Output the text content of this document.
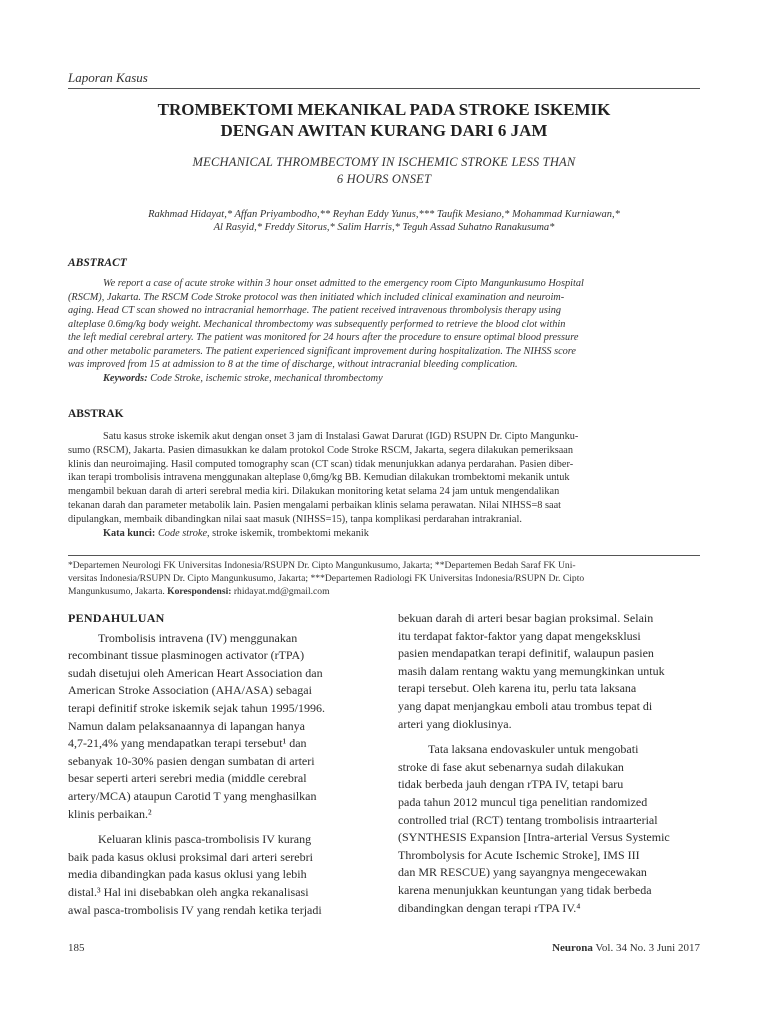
Laporan Kasus
TROMBEKTOMI MEKANIKAL PADA STROKE ISKEMIK
DENGAN AWITAN KURANG DARI 6 JAM
MECHANICAL THROMBECTOMY IN ISCHEMIC STROKE LESS THAN
6 HOURS ONSET
Rakhmad Hidayat,* Affan Priyambodho,** Reyhan Eddy Yunus,*** Taufik Mesiano,* Mohammad Kurniawan,*
Al Rasyid,* Freddy Sitorus,* Salim Harris,* Teguh Assad Suhatno Ranakusuma*
ABSTRACT
We report a case of acute stroke within 3 hour onset admitted to the emergency room Cipto Mangunkusumo Hospital
(RSCM), Jakarta. The RSCM Code Stroke protocol was then initiated which included clinical examination and neuroim-
aging. Head CT scan showed no intracranial hemorrhage. The patient received intravenous thrombolysis therapy using
alteplase 0.6mg/kg body weight. Mechanical thrombectomy was subsequently performed to retrieve the blood clot within
the left medial cerebral artery. The patient was monitored for 24 hours after the procedure to ensure optimal blood pressure
and other metabolic parameters. The patient experienced significant improvement during hospitalization. The NIHSS score
was improved from 15 at admission to 8 at the time of discharge, without intracranial bleeding complication.
Keywords: Code Stroke, ischemic stroke, mechanical thrombectomy
ABSTRAK
Satu kasus stroke iskemik akut dengan onset 3 jam di Instalasi Gawat Darurat (IGD) RSUPN Dr. Cipto Mangunku-
sumo (RSCM), Jakarta. Pasien dimasukkan ke dalam protokol Code Stroke RSCM, Jakarta, segera dilakukan pemeriksaan
klinis dan neuroimajing. Hasil computed tomography scan (CT scan) tidak menunjukkan adanya perdarahan. Pasien diber-
ikan terapi trombolisis intravena menggunakan alteplase 0,6mg/kg BB. Kemudian dilakukan trombektomi mekanik untuk
mengambil bekuan darah di arteri serebral media kiri. Dilakukan monitoring ketat selama 24 jam untuk mengendalikan
tekanan darah dan parameter metabolik lain. Pasien mengalami perbaikan klinis selama perawatan. Nilai NIHSS=8 saat
dipulangkan, membaik dibandingkan nilai saat masuk (NIHSS=15), tanpa komplikasi perdarahan intrakranial.
Kata kunci: Code stroke, stroke iskemik, trombektomi mekanik
*Departemen Neurologi FK Universitas Indonesia/RSUPN Dr. Cipto Mangunkusumo, Jakarta; **Departemen Bedah Saraf FK Uni-
versitas Indonesia/RSUPN Dr. Cipto Mangunkusumo, Jakarta; ***Departemen Radiologi FK Universitas Indonesia/RSUPN Dr. Cipto
Mangunkusumo, Jakarta. Korespondensi: rhidayat.md@gmail.com
PENDAHULUAN
Trombolisis intravena (IV) menggunakan
recombinant tissue plasminogen activator (rTPA)
sudah disetujui oleh American Heart Association dan
American Stroke Association (AHA/ASA) sebagai
terapi definitif stroke iskemik sejak tahun 1995/1996.
Namun dalam pelaksanaannya di lapangan hanya
4,7-21,4% yang mendapatkan terapi tersebut¹ dan
sebanyak 10-30% pasien dengan sumbatan di arteri
besar seperti arteri serebri media (middle cerebral
artery/MCA) ataupun Carotid T yang menghasilkan
klinis perbaikan.²
Keluaran klinis pasca-trombolisis IV kurang
baik pada kasus oklusi proksimal dari arteri serebri
media dibandingkan pada kasus oklusi yang lebih
distal.³ Hal ini disebabkan oleh angka rekanalisasi
awal pasca-trombolisis IV yang rendah ketika terjadi
bekuan darah di arteri besar bagian proksimal. Selain
itu terdapat faktor-faktor yang dapat mengeksklusi
pasien mendapatkan terapi definitif, walaupun pasien
masih dalam rentang waktu yang memungkinkan untuk
terapi tersebut. Oleh karena itu, perlu tata laksana
yang dapat menjangkau emboli atau trombus tepat di
arteri yang dioklusinya.
Tata laksana endovaskuler untuk mengobati
stroke di fase akut sebenarnya sudah dilakukan
tidak berbeda jauh dengan rTPA IV, tetapi baru
pada tahun 2012 muncul tiga penelitian randomized
controlled trial (RCT) tentang trombolisis intraarterial
(SYNTHESIS Expansion [Intra-arterial Versus Systemic
Thrombolysis for Acute Ischemic Stroke], IMS III
dan MR RESCUE) yang sayangnya mengecewakan
karena menunjukkan keuntungan yang tidak berbeda
dibandingkan dengan terapi rTPA IV.⁴
185	Neurona Vol. 34 No. 3 Juni 2017
